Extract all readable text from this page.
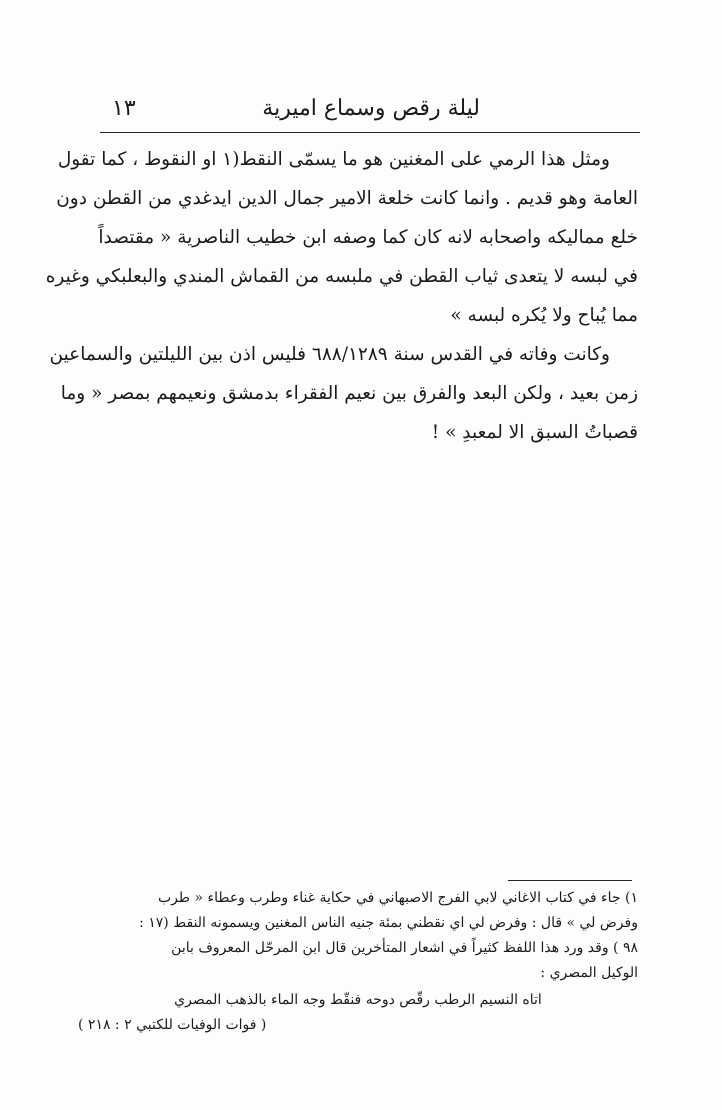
ليلة رقص وسماع اميرية
١٣
ومثل هذا الرمي على المغنين هو ما يسمّى النقط(١ او النقوط ، كما تقول
العامة وهو قديم . وانما كانت خلعة الامير جمال الدين ايدغدي من القطن دون
خلع مماليكه واصحابه لانه كان كما وصفه ابن خطيب الناصرية « مقتصداً
في لبسه لا يتعدى ثياب القطن في ملبسه من القماش المندي والبعلبكي وغيره
مما يُباح ولا يُكره لبسه »
وكانت وفاته في القدس سنة ٦٨٨/١٢٨٩ فليس اذن بين الليلتين والسماعين
زمن بعيد ، ولكن البعد والفرق بين نعيم الفقراء بدمشق ونعيمهم بمصر « وما
قصباتُ السبق الا لمعبدِ » !
١) جاء في كتاب الاغاني لابي الفرج الاصبهاني في حكاية غناء وطرب وعطاء « طرب
وفرض لي » قال : وفرض لي اي نقطني بمئة جنيه الناس المغنين ويسمونه النقط (١٧ :
٩٨ ) وقد ورد هذا اللفظ كثيراً في اشعار المتأخرين قال ابن المرحّل المعروف بابن
الوكيل المصري :
اتاه النسيم الرطب رقّص دوحه فنقّط وجه الماء بالذهب المصري
( فوات الوفيات للكتبي ٢ : ٢١٨ )
